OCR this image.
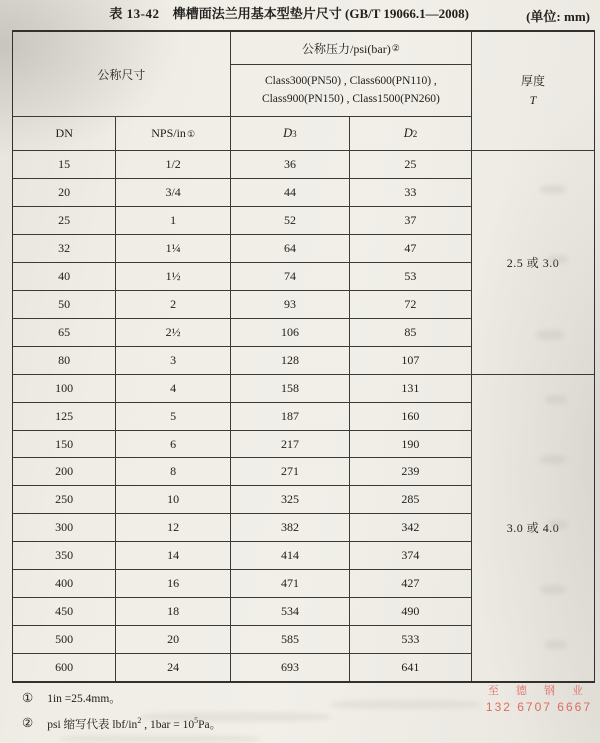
表 13-42 榫槽面法兰用基本型垫片尺寸 (GB/T 19066.1—2008)	(单位: mm)
公称尺寸
公称压力/psi(bar) ②
Class300(PN50) , Class600(PN110) ,
Class900(PN150) , Class1500(PN260)
厚度
T
DN	NPS/in ①	D 3	D 2
15	1/2	36	25
20	3/4	44	33
25	1	52	37
32	1¼	64	47
40	1½	74	53
50	2	93	72
65	2½	106	85
80	3	128	107
100	4	158	131
125	5	187	160
150	6	217	190
200	8	271	239
250	10	325	285
300	12	382	342
350	14	414	374
400	16	471	427
450	18	534	490
500	20	585	533
600	24	693	641
2.5 或 3.0
3.0 或 4.0
① 1in =25.4mm。
② psi 缩写代表 lbf/$in^2$ , $1bar = 10^5Pa$。
至 德 钢 业
132 6707 6667
